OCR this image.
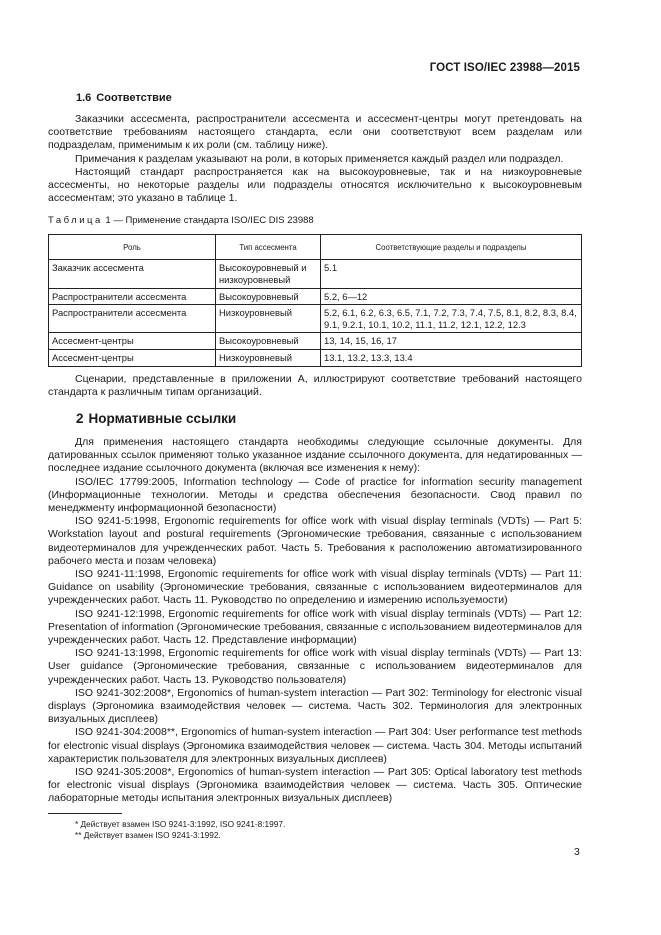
ГОСТ ISO/IEC 23988—2015
1.6 Соответствие

Заказчики ассесмента, распространители ассесмента и ассесмент-центры могут претендовать на соответствие требованиям настоящего стандарта, если они соответствуют всем разделам или подразделам, применимым к их роли (см. таблицу ниже).

Примечания к разделам указывают на роли, в которых применяется каждый раздел или подраздел.

Настоящий стандарт распространяется как на высокоуровневые, так и на низкоуровневые ассесменты, но некоторые разделы или подразделы относятся исключительно к высокоуровневым ассесментам; это указано в таблице 1.

Таблица 1 — Применение стандарта ISO/IEC DIS 23988
Роль	Тип ассесмента	Соответствующие разделы и подразделы
Заказчик ассесмента	Высокоуровневый и низкоуровневый	5.1
Распространители ассесмента	Высокоуровневый	5.2, 6—12
Распространители ассесмента	Низкоуровневый	5.2, 6.1, 6.2, 6.3, 6.5, 7.1, 7.2, 7.3, 7.4, 7.5, 8.1, 8.2, 8.3, 8.4, 9.1, 9.2.1, 10.1, 10.2, 11.1, 11.2, 12.1, 12.2, 12.3
Ассесмент-центры	Высокоуровневый	13, 14, 15, 16, 17
Ассесмент-центры	Низкоуровневый	13.1, 13.2, 13.3, 13.4

Сценарии, представленные в приложении А, иллюстрируют соответствие требований настоящего стандарта к различным типам организаций.

2 Нормативные ссылки

Для применения настоящего стандарта необходимы следующие ссылочные документы. Для датированных ссылок применяют только указанное издание ссылочного документа, для недатированных — последнее издание ссылочного документа (включая все изменения к нему):

ISO/IEC 17799:2005, Information technology — Code of practice for information security management (Информационные технологии. Методы и средства обеспечения безопасности. Свод правил по менеджменту информационной безопасности)

ISO 9241-5:1998, Ergonomic requirements for office work with visual display terminals (VDTs) — Part 5: Workstation layout and postural requirements (Эргономические требования, связанные с использованием видеотерминалов для учрежденческих работ. Часть 5. Требования к расположению автоматизированного рабочего места и позам человека)

ISO 9241-11:1998, Ergonomic requirements for office work with visual display terminals (VDTs) — Part 11: Guidance on usability (Эргономические требования, связанные с использованием видеотерминалов для учрежденческих работ. Часть 11. Руководство по определению и измерению используемости)

ISO 9241-12:1998, Ergonomic requirements for office work with visual display terminals (VDTs) — Part 12: Presentation of information (Эргономические требования, связанные с использованием видеотерминалов для учрежденческих работ. Часть 12. Представление информации)

ISO 9241-13:1998, Ergonomic requirements for office work with visual display terminals (VDTs) — Part 13: User guidance (Эргономические требования, связанные с использованием видеотерминалов для учрежденческих работ. Часть 13. Руководство пользователя)

ISO 9241-302:2008*, Ergonomics of human-system interaction — Part 302: Terminology for electronic visual displays (Эргономика взаимодействия человек — система. Часть 302. Терминология для электронных визуальных дисплеев)

ISO 9241-304:2008**, Ergonomics of human-system interaction — Part 304: User performance test methods for electronic visual displays (Эргономика взаимодействия человек — система. Часть 304. Методы испытаний характеристик пользователя для электронных визуальных дисплеев)

ISO 9241-305:2008*, Ergonomics of human-system interaction — Part 305: Optical laboratory test methods for electronic visual displays (Эргономика взаимодействия человек — система. Часть 305. Оптические лабораторные методы испытания электронных визуальных дисплеев)

* Действует взамен ISO 9241-3:1992, ISO 9241-8:1997.
** Действует взамен ISO 9241-3:1992.
3
